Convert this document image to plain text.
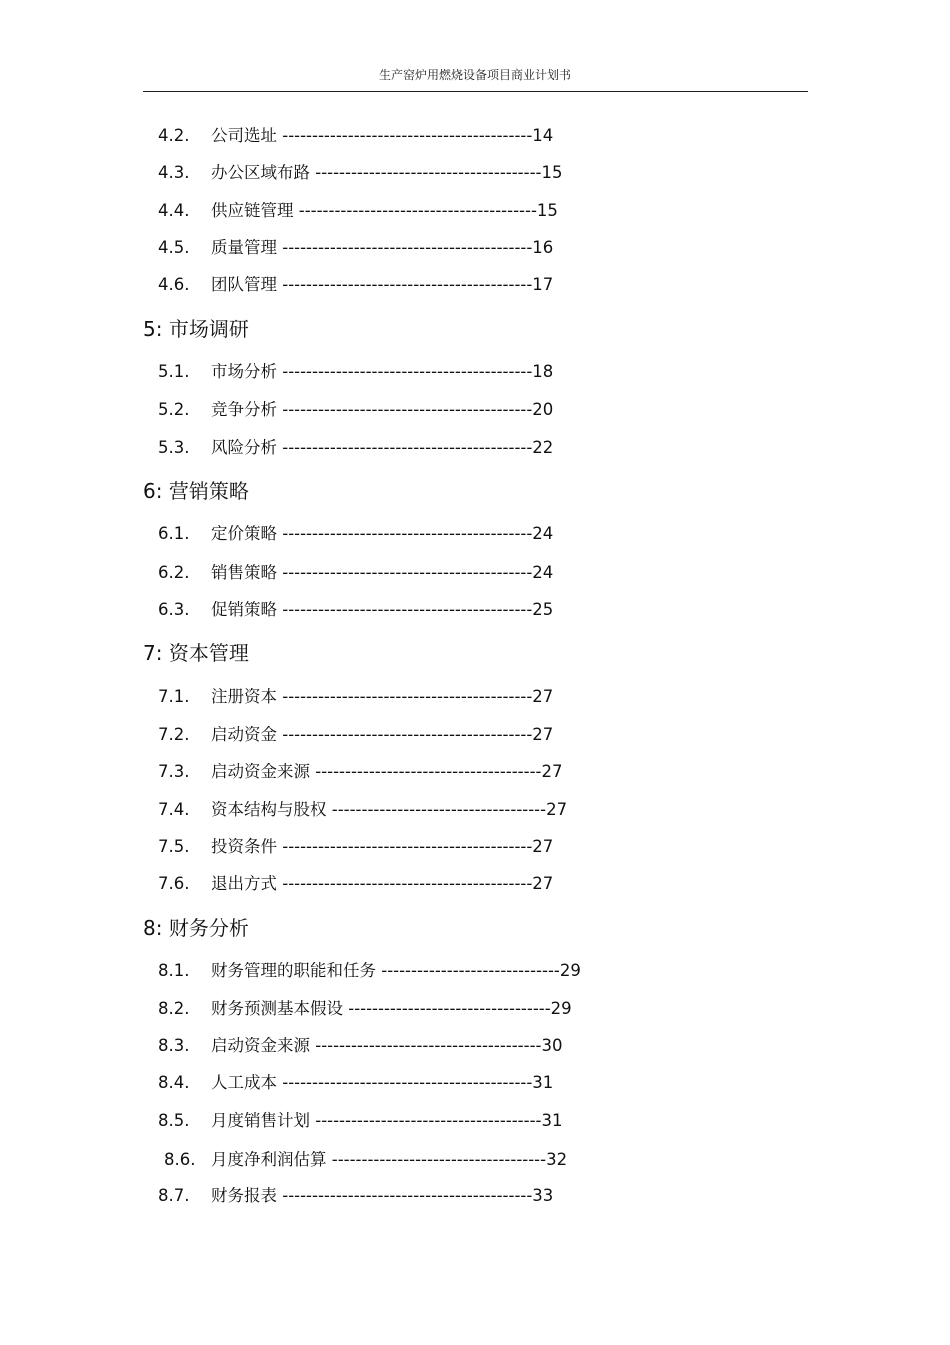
生产窑炉用燃烧设备项目商业计划书
4.2. 公司选址 ------------------------------------------14
4.3. 办公区域布路 --------------------------------------15
4.4. 供应链管理 ----------------------------------------15
4.5. 质量管理 ------------------------------------------16
4.6. 团队管理 ------------------------------------------17
5: 市场调研
5.1. 市场分析 ------------------------------------------18
5.2. 竞争分析 ------------------------------------------20
5.3. 风险分析 ------------------------------------------22
6: 营销策略
6.1. 定价策略 ------------------------------------------24
6.2. 销售策略 ------------------------------------------24
6.3. 促销策略 ------------------------------------------25
7: 资本管理
7.1. 注册资本 ------------------------------------------27
7.2. 启动资金 ------------------------------------------27
7.3. 启动资金来源 --------------------------------------27
7.4. 资本结构与股权 ------------------------------------27
7.5. 投资条件 ------------------------------------------27
7.6. 退出方式 ------------------------------------------27
8: 财务分析
8.1. 财务管理的职能和任务 ------------------------------29
8.2. 财务预测基本假设 ----------------------------------29
8.3. 启动资金来源 --------------------------------------30
8.4. 人工成本 ------------------------------------------31
8.5. 月度销售计划 --------------------------------------31
8.6. 月度净利润估算 ------------------------------------32
8.7. 财务报表 ------------------------------------------33
